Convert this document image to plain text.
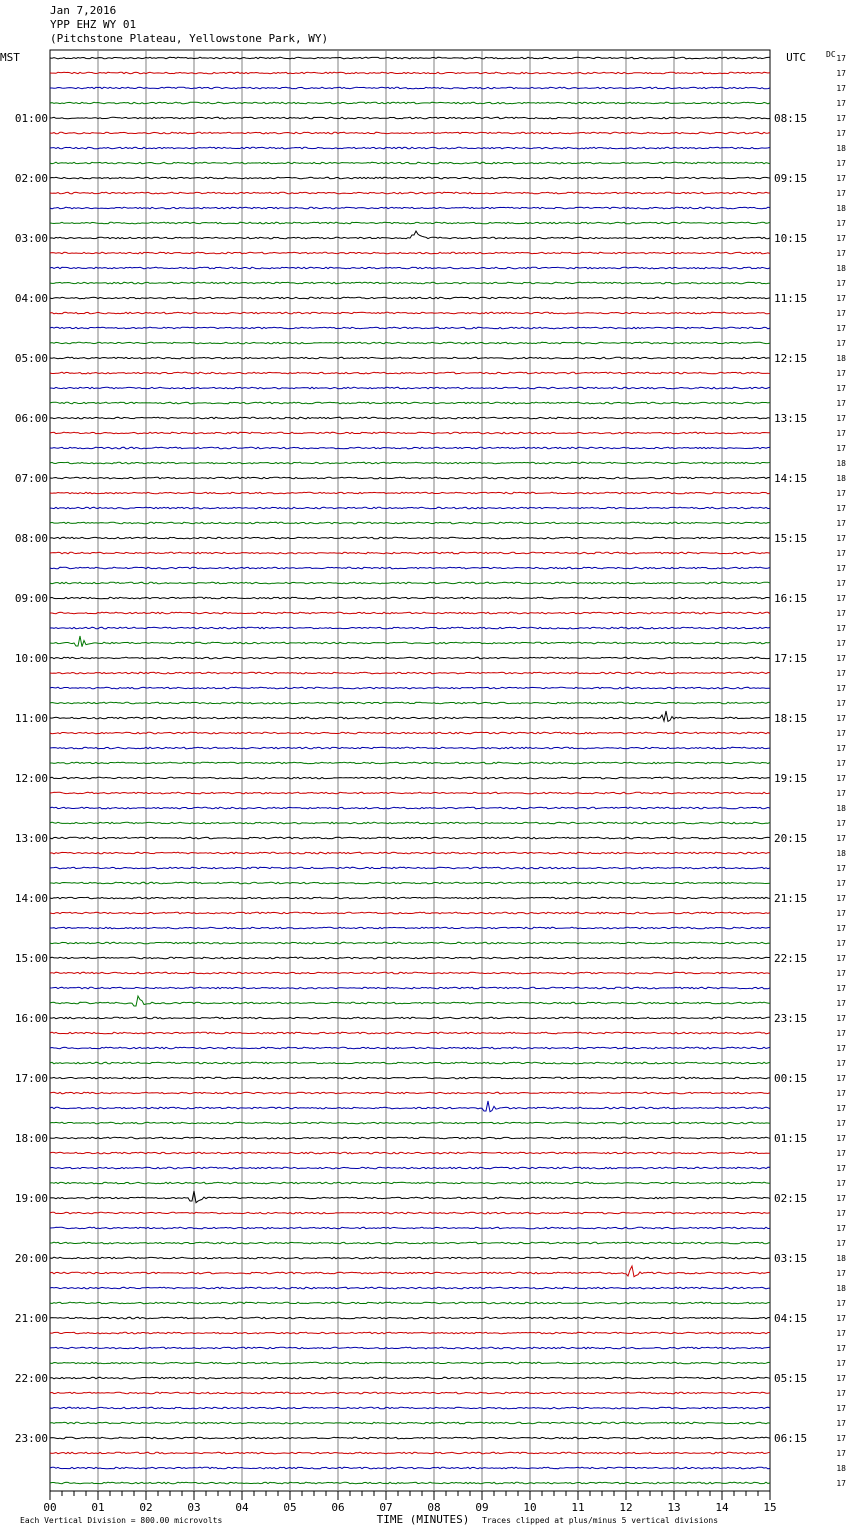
Jan 7,2016
YPP EHZ WY 01
(Pitchstone Plateau, Yellowstone Park, WY)
MST	UTC	DC
01:00
02:00
03:00
04:00
05:00
06:00
07:00
08:00
09:00
10:00
11:00
12:00
13:00
14:00
15:00
16:00
17:00
18:00
19:00
20:00
21:00
22:00
23:00
08:15
09:15
10:15
11:15
12:15
13:15
14:15
15:15
16:15
17:15
18:15
19:15
20:15
21:15
22:15
23:15
00:15
01:15
02:15
03:15
04:15
05:15
06:15
17
17
17
17
17
17
18
17
17
17
18
17
17
17
18
17
17
17
17
17
18
17
17
17
17
17
17
18
18
17
17
17
17
17
17
17
17
17
17
17
17
17
17
17
17
17
17
17
17
17
18
17
17
18
17
17
17
17
17
17
17
17
17
17
17
17
17
17
17
17
17
17
17
17
17
17
17
17
17
17
18
17
18
17
17
17
17
17
17
17
17
17
17
17
18
17
00	01	02	03	04	05	06	07	08	09	10	11	12	13	14	15
TIME (MINUTES)
Each Vertical Division = 800.00 microvolts	Traces clipped at plus/minus 5 vertical divisions
